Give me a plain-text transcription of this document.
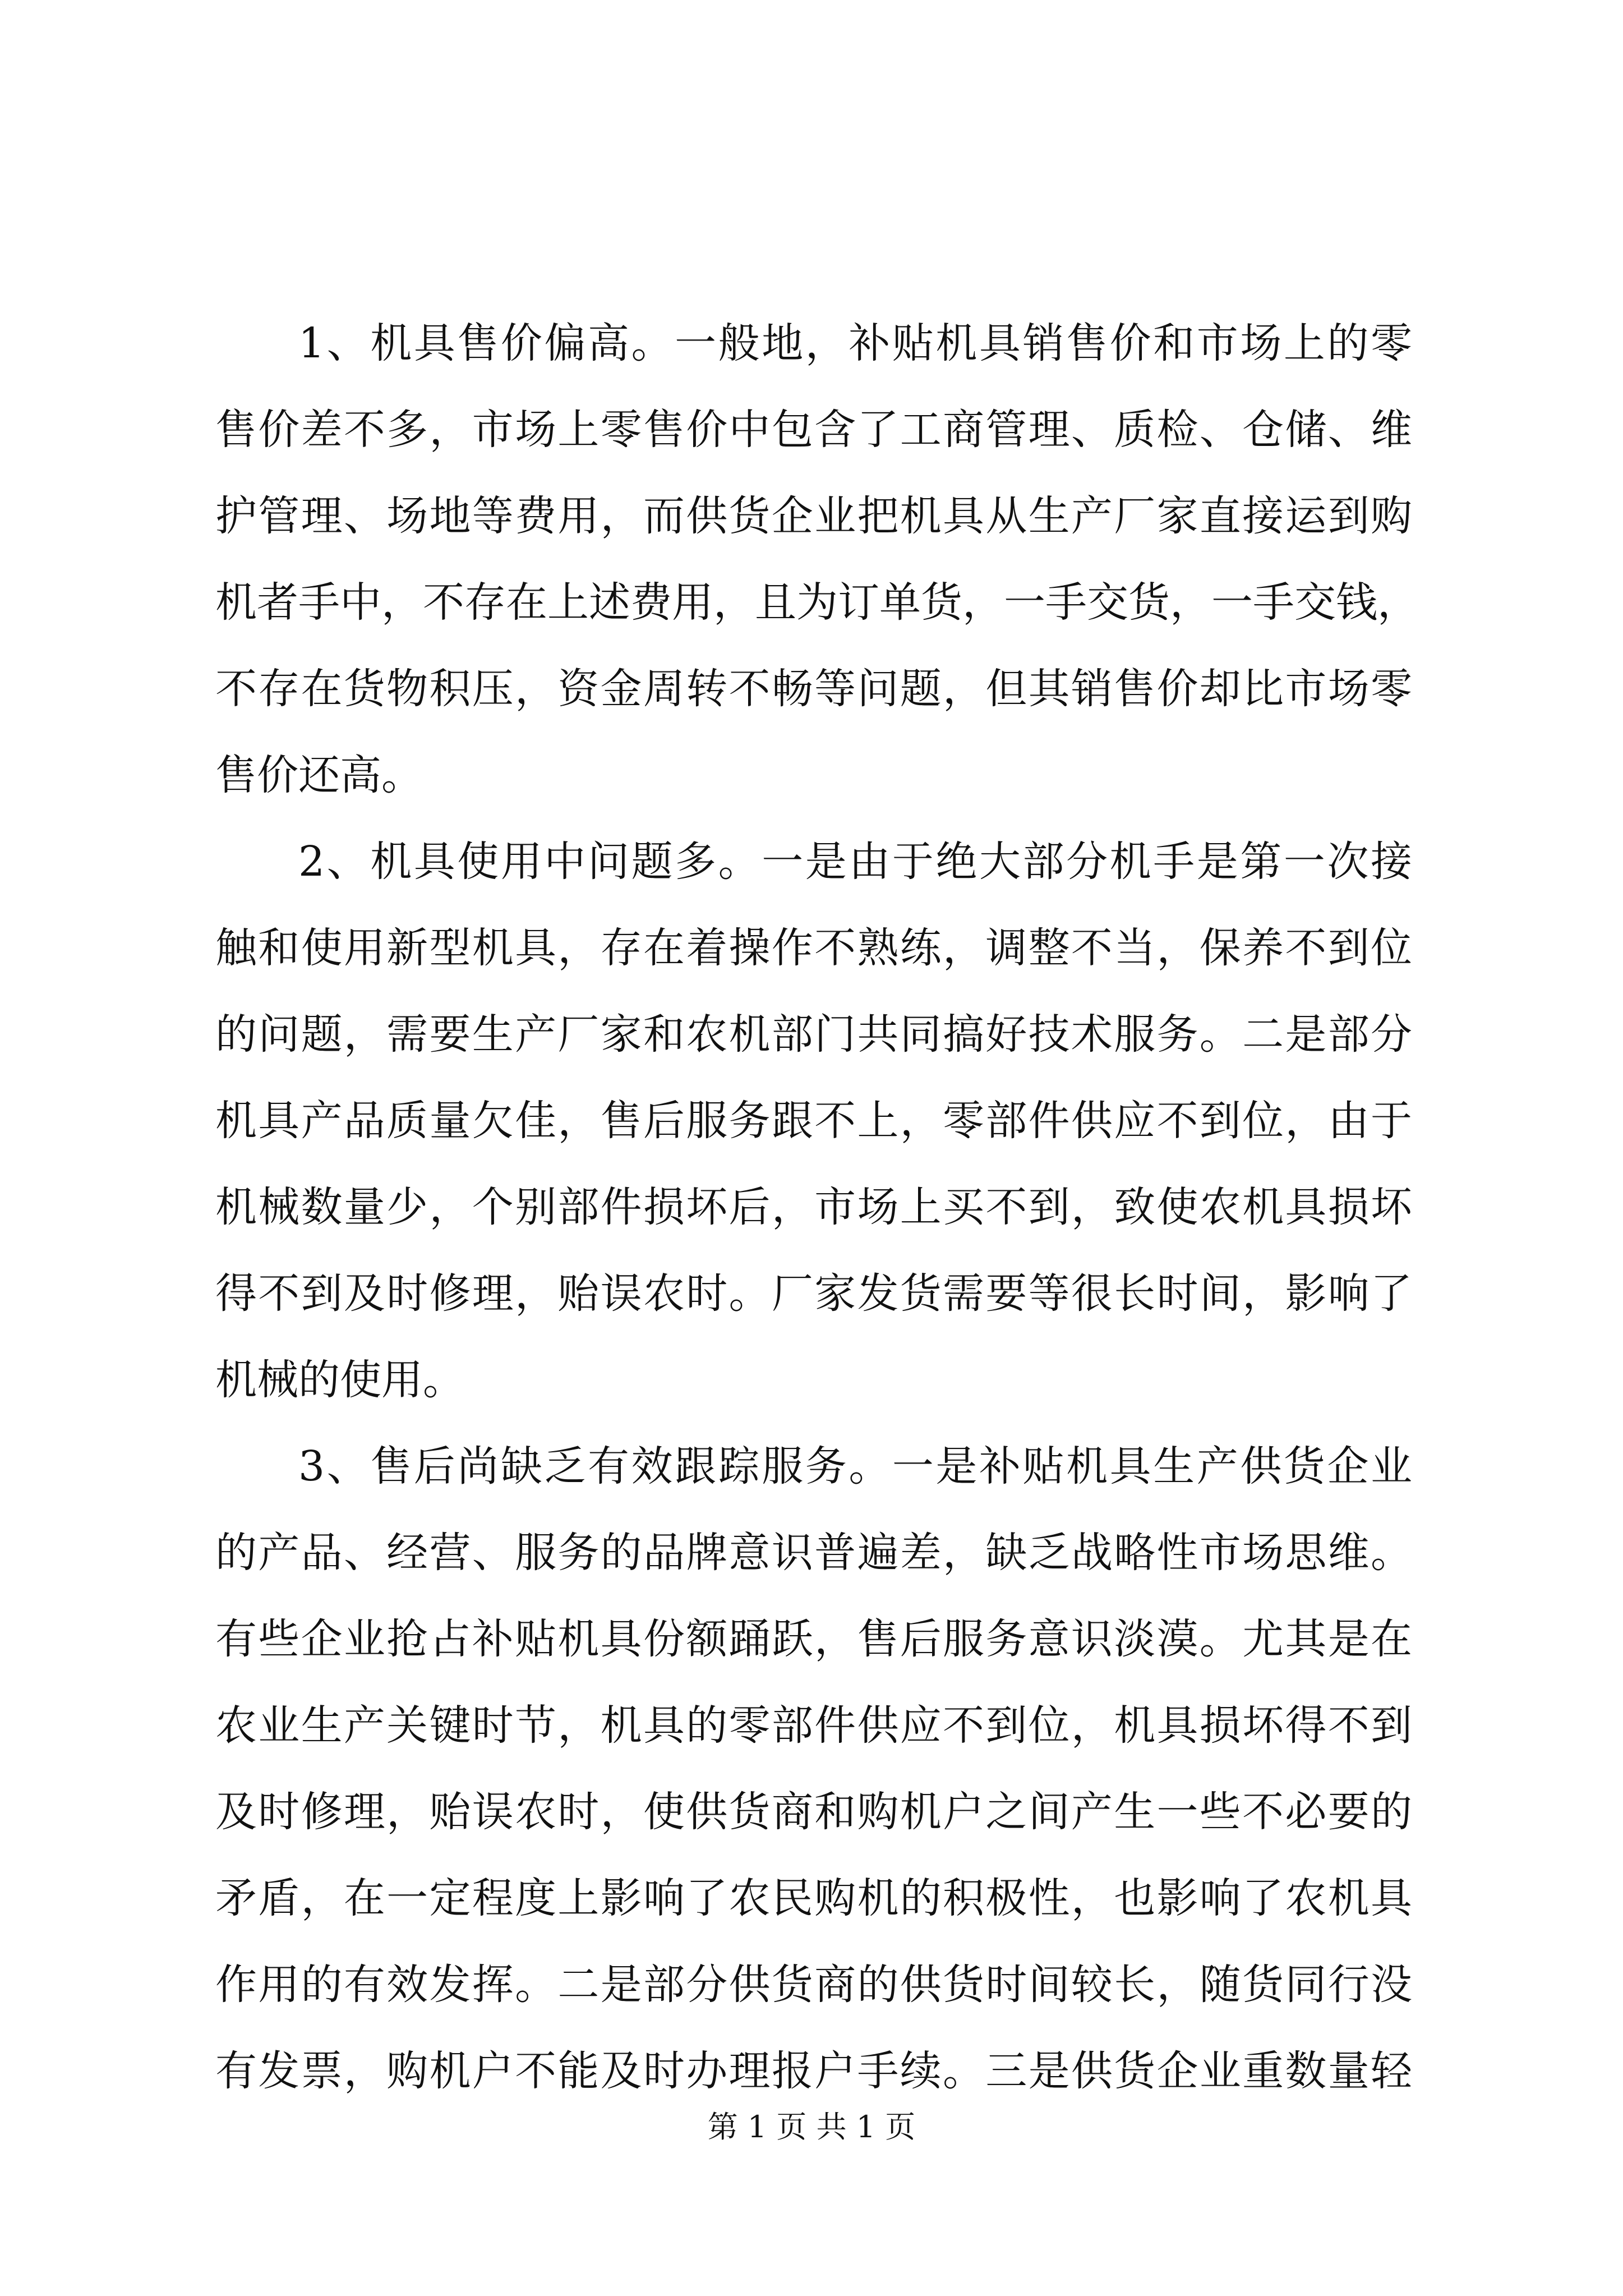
1、机具售价偏高。一般地，补贴机具销售价和市场上的零
售价差不多，市场上零售价中包含了工商管理、质检、仓储、维
护管理、场地等费用，而供货企业把机具从生产厂家直接运到购
机者手中，不存在上述费用，且为订单货，一手交货，一手交钱，
不存在货物积压，资金周转不畅等问题，但其销售价却比市场零
售价还高。
2、机具使用中问题多。一是由于绝大部分机手是第一次接
触和使用新型机具，存在着操作不熟练，调整不当，保养不到位
的问题，需要生产厂家和农机部门共同搞好技术服务。二是部分
机具产品质量欠佳，售后服务跟不上，零部件供应不到位，由于
机械数量少，个别部件损坏后，市场上买不到，致使农机具损坏
得不到及时修理，贻误农时。厂家发货需要等很长时间，影响了
机械的使用。
3、售后尚缺乏有效跟踪服务。一是补贴机具生产供货企业
的产品、经营、服务的品牌意识普遍差，缺乏战略性市场思维。
有些企业抢占补贴机具份额踊跃，售后服务意识淡漠。尤其是在
农业生产关键时节，机具的零部件供应不到位，机具损坏得不到
及时修理，贻误农时，使供货商和购机户之间产生一些不必要的
矛盾，在一定程度上影响了农民购机的积极性，也影响了农机具
作用的有效发挥。二是部分供货商的供货时间较长，随货同行没
有发票，购机户不能及时办理报户手续。三是供货企业重数量轻
第 1 页 共 1 页
